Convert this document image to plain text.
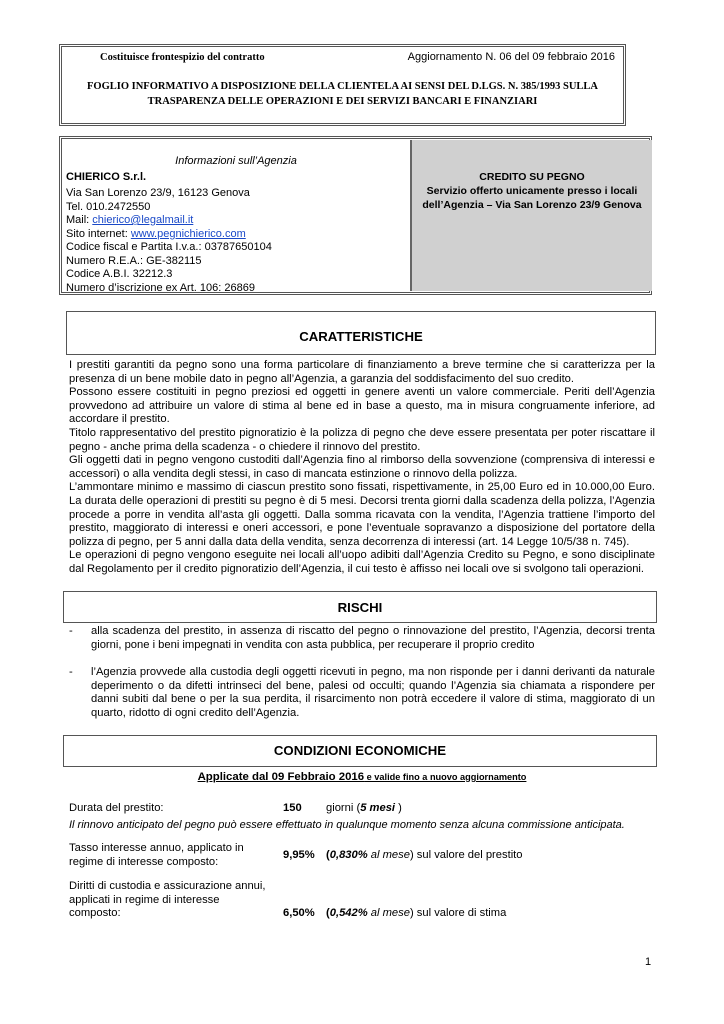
Costituisce frontespizio del contratto	Aggiornamento N. 06 del 09 febbraio 2016
FOGLIO INFORMATIVO A DISPOSIZIONE DELLA CLIENTELA AI SENSI DEL D.LGS. N. 385/1993 SULLA
TRASPARENZA DELLE OPERAZIONI E DEI SERVIZI BANCARI E FINANZIARI
Informazioni sull’Agenzia
CHIERICO S.r.l.
Via San Lorenzo 23/9, 16123 Genova
Tel. 010.2472550
Mail: chierico@legalmail.it
Sito internet: www.pegnichierico.com
Codice fiscal e Partita I.v.a.: 03787650104
Numero R.E.A.: GE-382115
Codice A.B.I. 32212.3
Numero d’iscrizione ex Art. 106: 26869
CREDITO SU PEGNO
Servizio offerto unicamente presso i locali
dell’Agenzia – Via San Lorenzo 23/9 Genova
CARATTERISTICHE

I prestiti garantiti da pegno sono una forma particolare di finanziamento a breve termine che si caratterizza per la presenza di un bene mobile dato in pegno all’Agenzia, a garanzia del soddisfacimento del suo credito.

Possono essere costituiti in pegno preziosi ed oggetti in genere aventi un valore commerciale. Periti dell’Agenzia provvedono ad attribuire un valore di stima al bene ed in base a questo, ma in misura congruamente inferiore, ad accordare il prestito.

Titolo rappresentativo del prestito pignoratizio è la polizza di pegno che deve essere presentata per poter riscattare il pegno - anche prima della scadenza - o chiedere il rinnovo del prestito.

Gli oggetti dati in pegno vengono custoditi dall’Agenzia fino al rimborso della sovvenzione (comprensiva di interessi e accessori) o alla vendita degli stessi, in caso di mancata estinzione o rinnovo della polizza.

L’ammontare minimo e massimo di ciascun prestito sono fissati, rispettivamente, in 25,00 Euro ed in 10.000,00 Euro. La durata delle operazioni di prestiti su pegno è di 5 mesi. Decorsi trenta giorni dalla scadenza della polizza, l’Agenzia procede a porre in vendita all’asta gli oggetti. Dalla somma ricavata con la vendita, l’Agenzia trattiene l’importo del prestito, maggiorato di interessi e oneri accessori, e pone l’eventuale sopravanzo a disposizione del portatore della polizza di pegno, per 5 anni dalla data della vendita, senza decorrenza di interessi (art. 14 Legge 10/5/38 n. 745).

Le operazioni di pegno vengono eseguite nei locali all’uopo adibiti dall’Agenzia Credito su Pegno, e sono disciplinate dal Regolamento per il credito pignoratizio dell’Agenzia, il cui testo è affisso nei locali ove si svolgono tali operazioni.

RISCHI
- alla scadenza del prestito, in assenza di riscatto del pegno o rinnovazione del prestito, l’Agenzia, decorsi trenta giorni, pone i beni impegnati in vendita con asta pubblica, per recuperare il proprio credito
- l’Agenzia provvede alla custodia degli oggetti ricevuti in pegno, ma non risponde per i danni derivanti da naturale deperimento o da difetti intrinseci del bene, palesi od occulti; quando l’Agenzia sia chiamata a rispondere per danni subiti dal bene o per la sua perdita, il risarcimento non potrà eccedere il valore di stima, maggiorato di un quarto, ridotto di ogni credito dell’Agenzia.
CONDIZIONI ECONOMICHE
Applicate dal 09 Febbraio 2016 e valide fino a nuovo aggiornamento
Durata del prestito:	150 giorni (5 mesi )
Il rinnovo anticipato del pegno può essere effettuato in qualunque momento senza alcuna commissione anticipata.
Tasso interesse annuo, applicato in
regime di interesse composto:
9,95% (0,830% al mese) sul valore del prestito
Diritti di custodia e assicurazione annui,
applicati in regime di interesse
composto:	6,50% (0,542% al mese) sul valore di stima
1
